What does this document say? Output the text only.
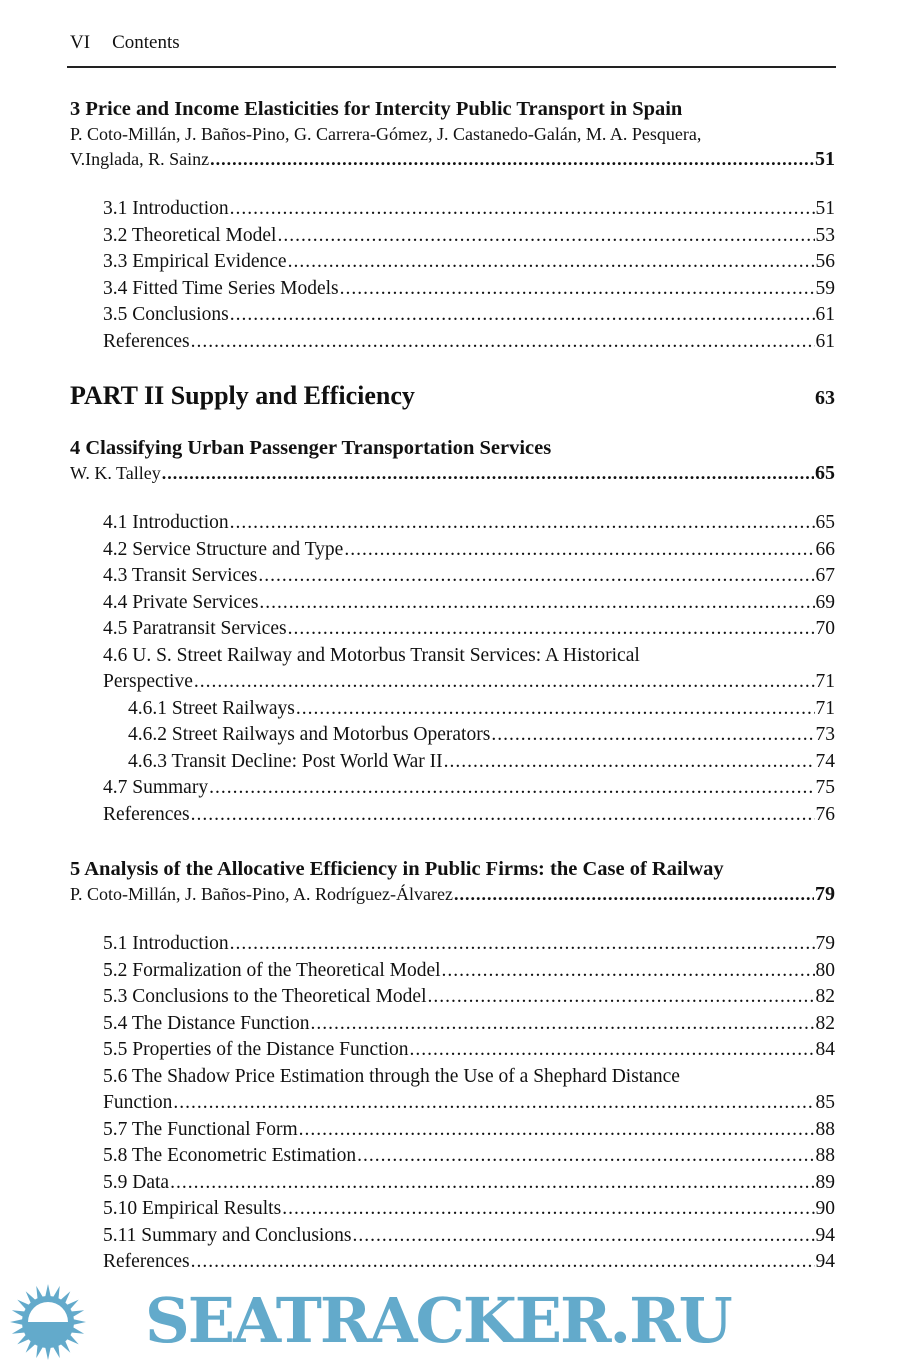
VI Contents
3 Price and Income Elasticities for Intercity Public Transport in Spain
P. Coto-Millán, J. Baños-Pino, G. Carrera-Gómez, J. Castanedo-Galán, M. A. Pesquera,
V.Inglada, R. Sainz .....	51
3.1 Introduction .....	51
3.2 Theoretical Model .....	53
3.3 Empirical Evidence .....	56
3.4 Fitted Time Series Models .....	59
3.5 Conclusions .....	61
References .....	61
PART II Supply and Efficiency	63
4 Classifying Urban Passenger Transportation Services
W. K. Talley .....	65
4.1 Introduction .....	65
4.2 Service Structure and Type .....	66
4.3 Transit Services .....	67
4.4 Private Services .....	69
4.5 Paratransit Services .....	70
4.6 U. S. Street Railway and Motorbus Transit Services: A Historical
Perspective .....	71
4.6.1 Street Railways .....	71
4.6.2 Street Railways and Motorbus Operators .....	73
4.6.3 Transit Decline: Post World War II .....	74
4.7 Summary .....	75
References .....	76
5 Analysis of the Allocative Efficiency in Public Firms: the Case of Railway
P. Coto-Millán, J. Baños-Pino, A. Rodríguez-Álvarez .....	79
5.1 Introduction .....	79
5.2 Formalization of the Theoretical Model .....	80
5.3 Conclusions to the Theoretical Model .....	82
5.4 The Distance Function .....	82
5.5 Properties of the Distance Function .....	84
5.6 The Shadow Price Estimation through the Use of a Shephard Distance
Function .....	85
5.7 The Functional Form .....	88
5.8 The Econometric Estimation .....	88
5.9 Data .....	89
5.10 Empirical Results .....	90
5.11 Summary and Conclusions .....	94
References .....	94
SEATRACKER.RU
